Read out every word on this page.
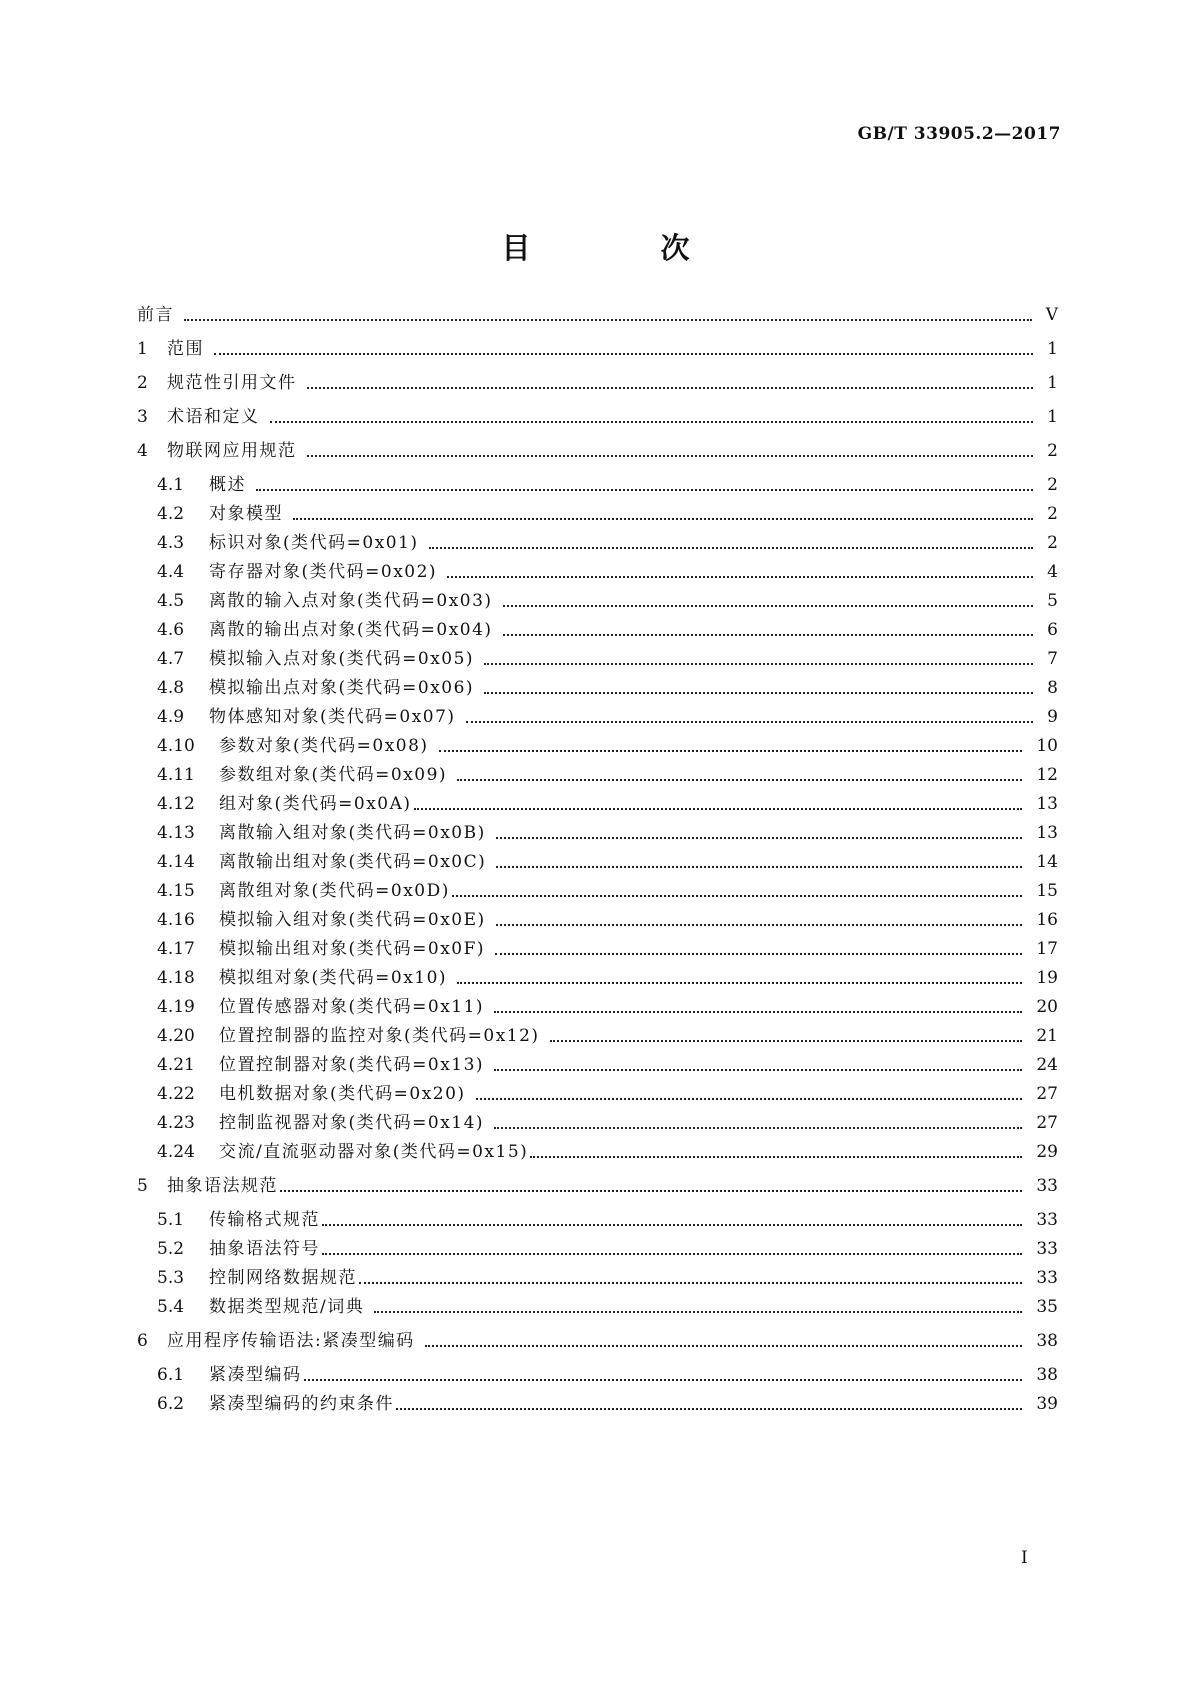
GB/T 33905.2—2017
目 次
前言	Ⅴ
1	范围	1
2	规范性引用文件	1
3	术语和定义	1
4	物联网应用规范	2
4.1	概述	2
4.2	对象模型	2
4.3	标识对象(类代码=0x01)	2
4.4	寄存器对象(类代码=0x02)	4
4.5	离散的输入点对象(类代码=0x03)	5
4.6	离散的输出点对象(类代码=0x04)	6
4.7	模拟输入点对象(类代码=0x05)	7
4.8	模拟输出点对象(类代码=0x06)	8
4.9	物体感知对象(类代码=0x07)	9
4.10	参数对象(类代码=0x08)	10
4.11	参数组对象(类代码=0x09)	12
4.12	组对象(类代码=0x0A)	13
4.13	离散输入组对象(类代码=0x0B)	13
4.14	离散输出组对象(类代码=0x0C)	14
4.15	离散组对象(类代码=0x0D)	15
4.16	模拟输入组对象(类代码=0x0E)	16
4.17	模拟输出组对象(类代码=0x0F)	17
4.18	模拟组对象(类代码=0x10)	19
4.19	位置传感器对象(类代码=0x11)	20
4.20	位置控制器的监控对象(类代码=0x12)	21
4.21	位置控制器对象(类代码=0x13)	24
4.22	电机数据对象(类代码=0x20)	27
4.23	控制监视器对象(类代码=0x14)	27
4.24	交流/直流驱动器对象(类代码=0x15)	29
5	抽象语法规范	33
5.1	传输格式规范	33
5.2	抽象语法符号	33
5.3	控制网络数据规范	33
5.4	数据类型规范/词典	35
6	应用程序传输语法:紧凑型编码	38
6.1	紧凑型编码	38
6.2	紧凑型编码的约束条件	39
Ⅰ
